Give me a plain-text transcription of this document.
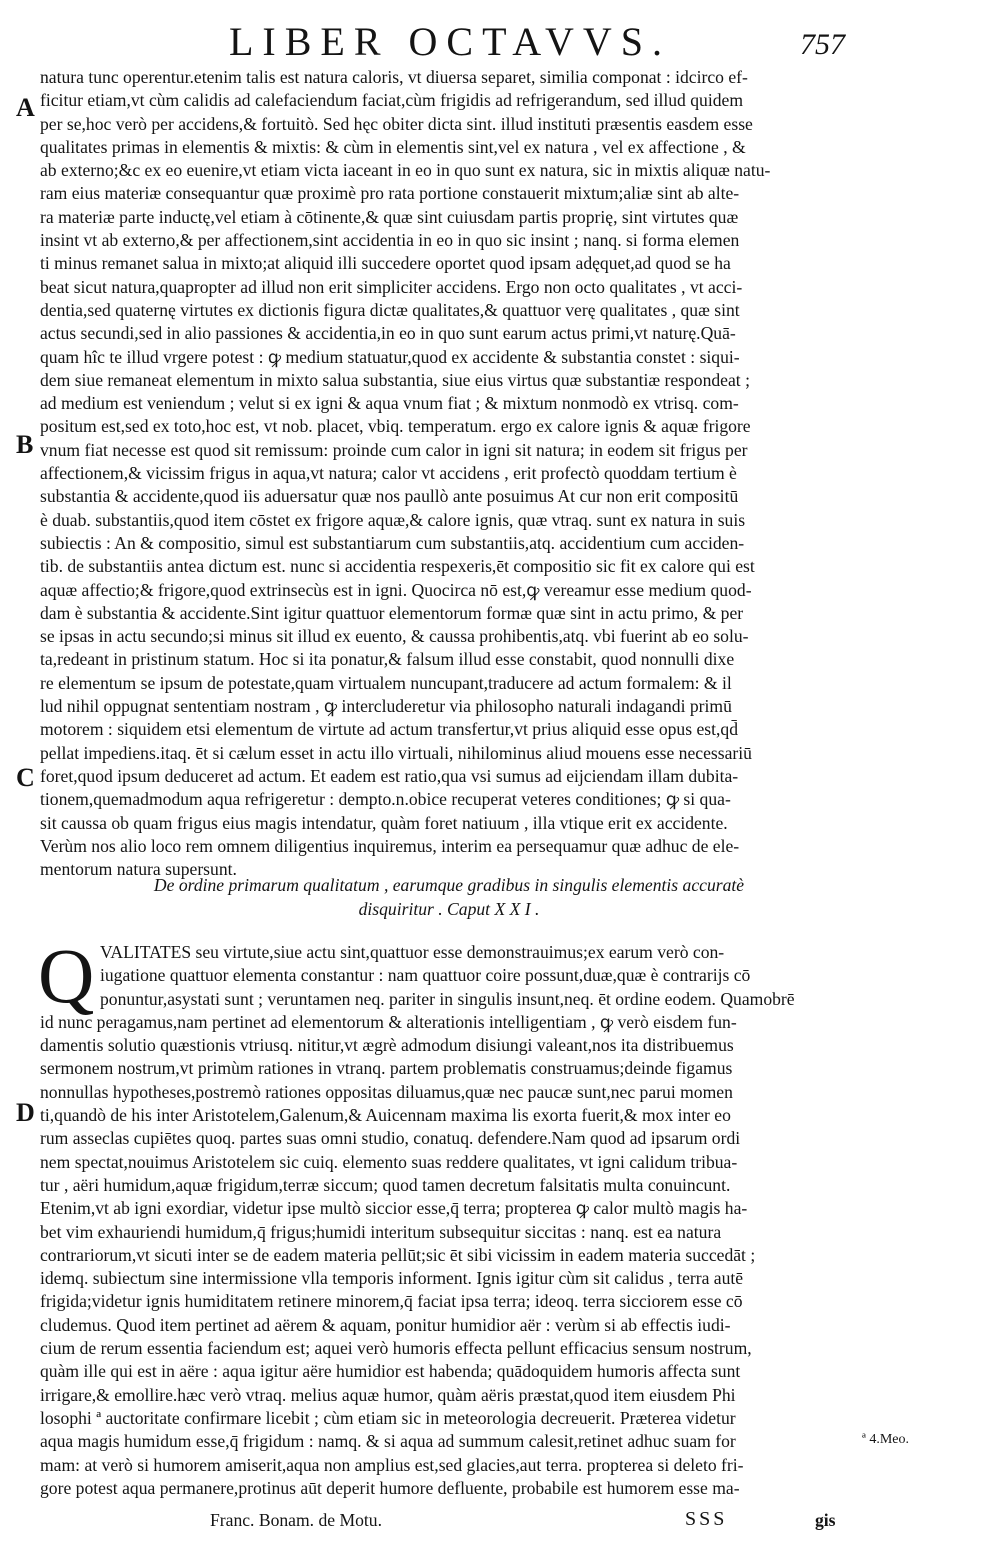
LIBER OCTAVVS.	757
A
B
C
D
natura tunc operentur.etenim talis est natura caloris, vt diuersa separet, similia componat : idcirco ef-
ficitur etiam,vt cùm calidis ad calefaciendum faciat,cùm frigidis ad refrigerandum, sed illud quidem
per se,hoc verò per accidens,& fortuitò. Sed hęc obiter dicta sint. illud instituti præsentis easdem esse
qualitates primas in elementis & mixtis: & cùm in elementis sint,vel ex natura , vel ex affectione , &
ab externo;&c ex eo euenire,vt etiam victa iaceant in eo in quo sunt ex natura, sic in mixtis aliquæ natu-
ram eius materiæ consequantur quæ proximè pro rata portione constauerit mixtum;aliæ sint ab alte-
ra materiæ parte inductę,vel etiam à cōtinente,& quæ sint cuiusdam partis proprię, sint virtutes quæ
insint vt ab externo,& per affectionem,sint accidentia in eo in quo sic insint ; nanq. si forma elemen
ti minus remanet salua in mixto;at aliquid illi succedere oportet quod ipsam adęquet,ad quod se ha
beat sicut natura,quapropter ad illud non erit simpliciter accidens. Ergo non octo qualitates , vt acci-
dentia,sed quaternę virtutes ex dictionis figura dictæ qualitates,& quattuor verę qualitates , quæ sint
actus secundi,sed in alio passiones & accidentia,in eo in quo sunt earum actus primi,vt naturę.Quā-
quam hîc te illud vrgere potest : ꝙ medium statuatur,quod ex accidente & substantia constet : siqui-
dem siue remaneat elementum in mixto salua substantia, siue eius virtus quæ substantiæ respondeat ;
ad medium est veniendum ; velut si ex igni & aqua vnum fiat ; & mixtum nonmodò ex vtrisq. com-
positum est,sed ex toto,hoc est, vt nob. placet, vbiq. temperatum. ergo ex calore ignis & aquæ frigore
vnum fiat necesse est quod sit remissum: proinde cum calor in igni sit natura; in eodem sit frigus per
affectionem,& vicissim frigus in aqua,vt natura; calor vt accidens , erit profectò quoddam tertium è
substantia & accidente,quod iis aduersatur quæ nos paullò ante posuimus At cur non erit compositū
è duab. substantiis,quod item cōstet ex frigore aquæ,& calore ignis, quæ vtraq. sunt ex natura in suis
subiectis : An & compositio, simul est substantiarum cum substantiis,atq. accidentium cum acciden-
tib. de substantiis antea dictum est. nunc si accidentia respexeris,ēt compositio sic fit ex calore qui est
aquæ affectio;& frigore,quod extrinsecùs est in igni. Quocirca nō est,ꝙ vereamur esse medium quod-
dam è substantia & accidente.Sint igitur quattuor elementorum formæ quæ sint in actu primo, & per
se ipsas in actu secundo;si minus sit illud ex euento, & caussa prohibentis,atq. vbi fuerint ab eo solu-
ta,redeant in pristinum statum. Hoc si ita ponatur,& falsum illud esse constabit, quod nonnulli dixe
re elementum se ipsum de potestate,quam virtualem nuncupant,traducere ad actum formalem: & il
lud nihil oppugnat sententiam nostram , ꝙ intercluderetur via philosopho naturali indagandi primū
motorem : siquidem etsi elementum de virtute ad actum transfertur,vt prius aliquid esse opus est,qd̄
pellat impediens.itaq. ēt si cælum esset in actu illo virtuali, nihilominus aliud mouens esse necessariū
foret,quod ipsum deduceret ad actum. Et eadem est ratio,qua vsi sumus ad eijciendam illam dubita-
tionem,quemadmodum aqua refrigeretur : dempto.n.obice recuperat veteres conditiones; ꝙ si qua-
sit caussa ob quam frigus eius magis intendatur, quàm foret natiuum , illa vtique erit ex accidente.
Verùm nos alio loco rem omnem diligentius inquiremus, interim ea persequamur quæ adhuc de ele-
mentorum natura supersunt.
De ordine primarum qualitatum , earumque gradibus in singulis elementis accuratè
disquiritur . Caput X X I .
Q VALITATES seu virtute,siue actu sint,quattuor esse demonstrauimus;ex earum verò con-
iugatione quattuor elementa constantur : nam quattuor coire possunt,duæ,quæ è contrarijs cō
ponuntur,asystati sunt ; veruntamen neq. pariter in singulis insunt,neq. ēt ordine eodem. Quamobrē
id nunc peragamus,nam pertinet ad elementorum & alterationis intelligentiam , ꝙ verò eisdem fun-
damentis solutio quæstionis vtriusq. nititur,vt ægrè admodum disiungi valeant,nos ita distribuemus
sermonem nostrum,vt primùm rationes in vtranq. partem problematis construamus;deinde figamus
nonnullas hypotheses,postremò rationes oppositas diluamus,quæ nec paucæ sunt,nec parui momen
ti,quandò de his inter Aristotelem,Galenum,& Auicennam maxima lis exorta fuerit,& mox inter eo
rum asseclas cupiētes quoq. partes suas omni studio, conatuq. defendere.Nam quod ad ipsarum ordi
nem spectat,nouimus Aristotelem sic cuiq. elemento suas reddere qualitates, vt igni calidum tribua-
tur , aëri humidum,aquæ frigidum,terræ siccum; quod tamen decretum falsitatis multa conuincunt.
Etenim,vt ab igni exordiar, videtur ipse multò siccior esse,q̄ terra; propterea ꝙ calor multò magis ha-
bet vim exhauriendi humidum,q̄ frigus;humidi interitum subsequitur siccitas : nanq. est ea natura
contrariorum,vt sicuti inter se de eadem materia pellūt;sic ēt sibi vicissim in eadem materia succedāt ;
idemq. subiectum sine intermissione vlla temporis informent. Ignis igitur cùm sit calidus , terra autē
frigida;videtur ignis humiditatem retinere minorem,q̄ faciat ipsa terra; ideoq. terra sicciorem esse cō
cludemus. Quod item pertinet ad aërem & aquam, ponitur humidior aër : verùm si ab effectis iudi-
cium de rerum essentia faciendum est; aquei verò humoris effecta pellunt efficacius sensum nostrum,
quàm ille qui est in aëre : aqua igitur aëre humidior est habenda; quādoquidem humoris affecta sunt
irrigare,& emollire.hæc verò vtraq. melius aquæ humor, quàm aëris præstat,quod item eiusdem Phi
losophi ª auctoritate confirmare licebit ; cùm etiam sic in meteorologia decreuerit. Præterea videtur
aqua magis humidum esse,q̄ frigidum : namq. & si aqua ad summum calesit,retinet adhuc suam for
mam: at verò si humorem amiserit,aqua non amplius est,sed glacies,aut terra. propterea si deleto fri-
gore potest aqua permanere,protinus aūt deperit humore defluente, probabile est humorem esse ma-
ª 4.Meo.
Franc. Bonam. de Motu.	SSS	gis
